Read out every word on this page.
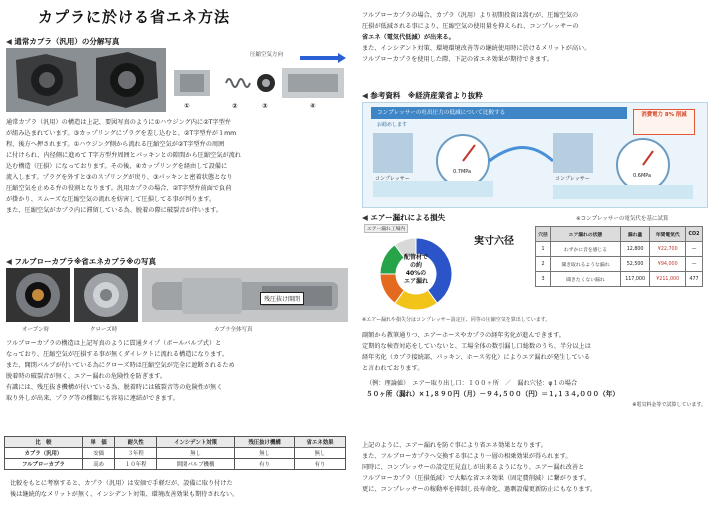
カプラに於ける省エネ方法
◀ 通常カプラ（汎用）の分解写真
圧縮空気方向
①	②	③	④

通常カプラ（汎用）の構造は上記、要図写真のように①ハウジング内に②T字型弁

が組み込まれています。③カップリングにプラグを差し込むと、②T字型弁が１mm

程、後方へ押されます。①ハウジング側から流れる圧縮空気が②T字型弁の周囲

に付けられ、内径側に進めて T字方型弁周囲とパッキンとの隙間から圧縮空気が流れ

込む構造（圧損）になっております。その後、④カップリングを経由して設備に

流入します。プラグを外すと③のスプリングが戻り、③パッキンと密着状態となり

圧縮空気を止める弁の役割となります。汎用カプラの場合、②T字型弁前面で負荷

が掛かり、スムーズな圧縮空気の流れを妨害して圧損してる事が判ります。

また、圧縮空気がカプラ内に滞留している為、脱着の際に破裂音が伴います。

◀ フルブローカプラ※省エネカプラ※の写真
オープン時	クローズ時
残圧抜け開閉
カプラ全体写真

フルブローカプラの構造は上記写真のように貫通タイプ（ボールバルブ式）と

なっており、圧縮空気が圧損する事が無くダイレクトに流れる構造になります。

また、開閉バルブが付いている為にクローズ時は圧縮空気が完全に遮断されるため

脱着時の破裂音が無く、エアー漏れの危険性を防ぎます。

有識には、残圧抜き機構が付いている為、脱着時には破裂音等の危険性が無く

取り外しが出来、プラグ等の種類にも容易に連結ができます。

比　較	単　価	耐久性	インシデント対策	残圧抜け機構	省エネ効果
カプラ（汎用）	安価	３年程	無し	無し	無し
フルブローカプラ	高め	１０年程	開閉バルブ機構	有り	有り

比較をもとに考察すると、カプラ（汎用）は安価で手軽だが、設備に取り付けた

後は継続的なメリットが無く、インシデント対策、環境改善効果も期待されない。

フルブローカプラの場合、カプラ（汎用）より初期投資は嵩むが、圧縮空気の

圧損が低減される事により、圧縮空気の使用量を抑えられ、コンプレッサーの

省エネ（電気代低減）が出来る。

また、インシデント対策、環境環境改善等の継続使用時に於けるメリットが高い。

フルブローカプラを使用した際、下記の省エネ効果が期待できます。

◀ 参考資料　※経済産業省より抜粋
コンプレッサーの吐出圧力の低減について比較する
お勧めします
消費電力 8% 削減
コンプレッサー	コンプレッサー
0.7MPa
0.6MPa
◀ エアー漏れによる損失	※コンプレッサーの電気代を基に試算
エアー漏れ工場内
実寸六径
配管材で
の約
40%の
エア漏れ
穴径	エア漏れの状態	漏れ量	年間電気代	CO2
1	わずかに音を感じる	12,800	¥22,700	—
2	聞き取れるような漏れ	52,500	¥94,000	—
3	聞きたくない漏れ	117,000	¥211,000	477
※エアー漏れや損失分はコンプレッサー設定圧、同等の圧縮空気を算出しています。

副額から教筆通りつ、エアーホースやカプラの経年劣化が進んできます。

定期的な検査対応をしていないと、工場全体の数引漏し口総数のうち、半分以上は

経年劣化（カプラ接続部、パッキン、ホース劣化）によりエア漏れが発生している

と言われております。

（例：理論値）　エアー取り出し口：１００ヶ所　／　漏れ穴径：φ１の場合

５０ヶ所（漏れ）×１,８９０円（月）－９４,５００（円）＝１,１３４,０００（年）

※電気料金等で試算しています。

上記のように、エアー漏れを防ぐ事により省エネ効果となります。

また、フルブローカプラへ交換する事により一層の相乗効果が得られます。

同時に、コンプレッサーの設定圧見直しが出来るようになり、エアー漏れ改善と

フルブローカプラ（圧損低減）で大幅な省エネ効果（固定費削減）に繋がります。

更に、コンプレッサーの稼動率を抑制し長寿命化、過剰設備更新防止にもなります。
